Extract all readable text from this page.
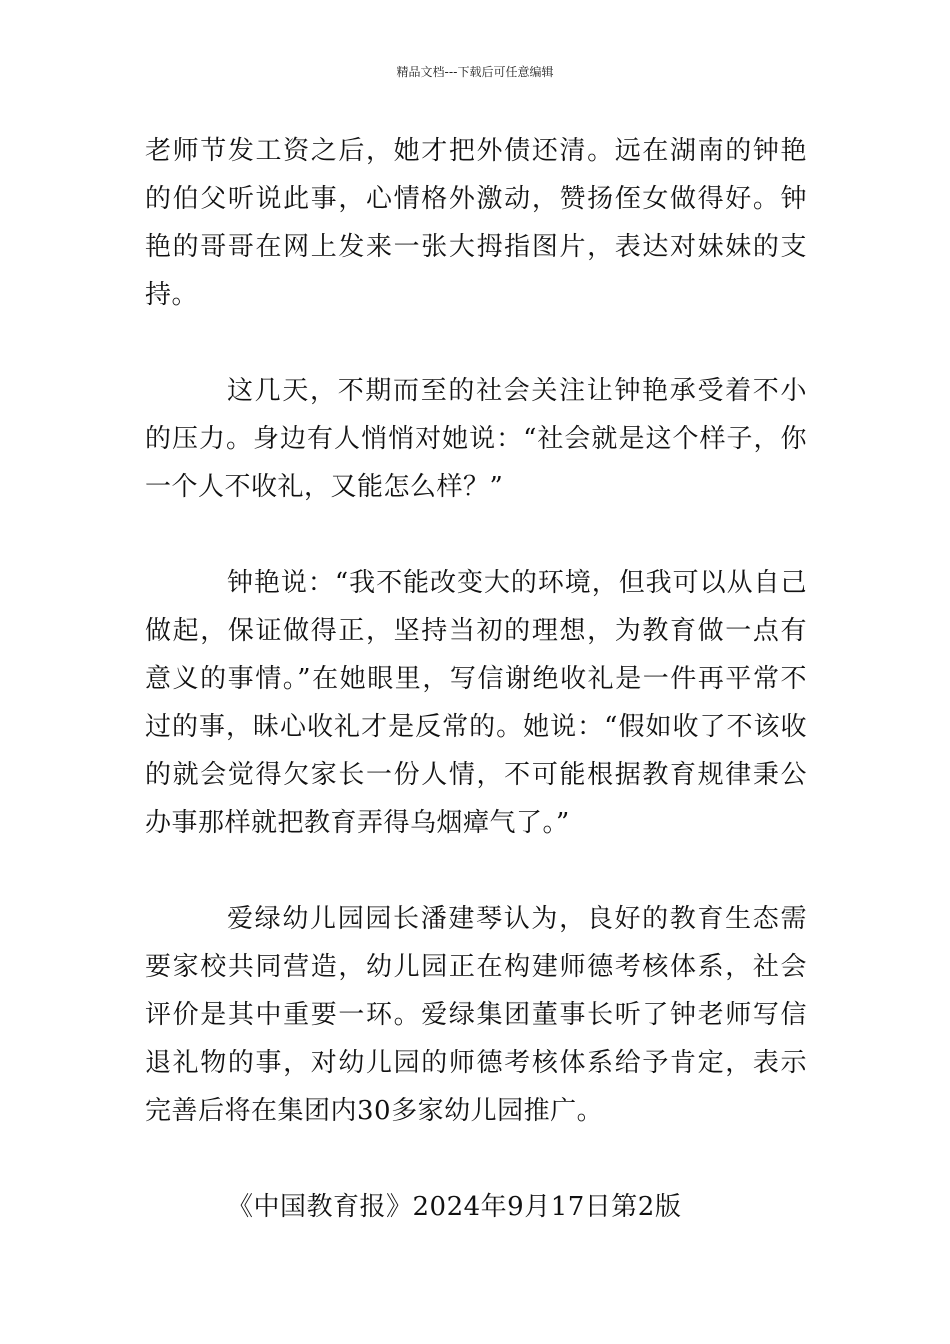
精品文档---下载后可任意编辑

老师节发工资之后，她才把外债还清。远在湖南的钟艳的伯父听说此事，心情格外激动，赞扬侄女做得好。钟艳的哥哥在网上发来一张大拇指图片，表达对妹妹的支持。

这几天，不期而至的社会关注让钟艳承受着不小的压力。身边有人悄悄对她说：“社会就是这个样子，你一个人不收礼，又能怎么样？”

钟艳说：“我不能改变大的环境，但我可以从自己做起，保证做得正，坚持当初的理想，为教育做一点有意义的事情。”在她眼里，写信谢绝收礼是一件再平常不过的事，昧心收礼才是反常的。她说：“假如收了不该收的就会觉得欠家长一份人情，不可能根据教育规律秉公办事那样就把教育弄得乌烟瘴气了。”

爱绿幼儿园园长潘建琴认为，良好的教育生态需要家校共同营造，幼儿园正在构建师德考核体系，社会评价是其中重要一环。爱绿集团董事长听了钟老师写信退礼物的事，对幼儿园的师德考核体系给予肯定，表示完善后将在集团内30多家幼儿园推广。

《中国教育报》2024年9月17日第2版
